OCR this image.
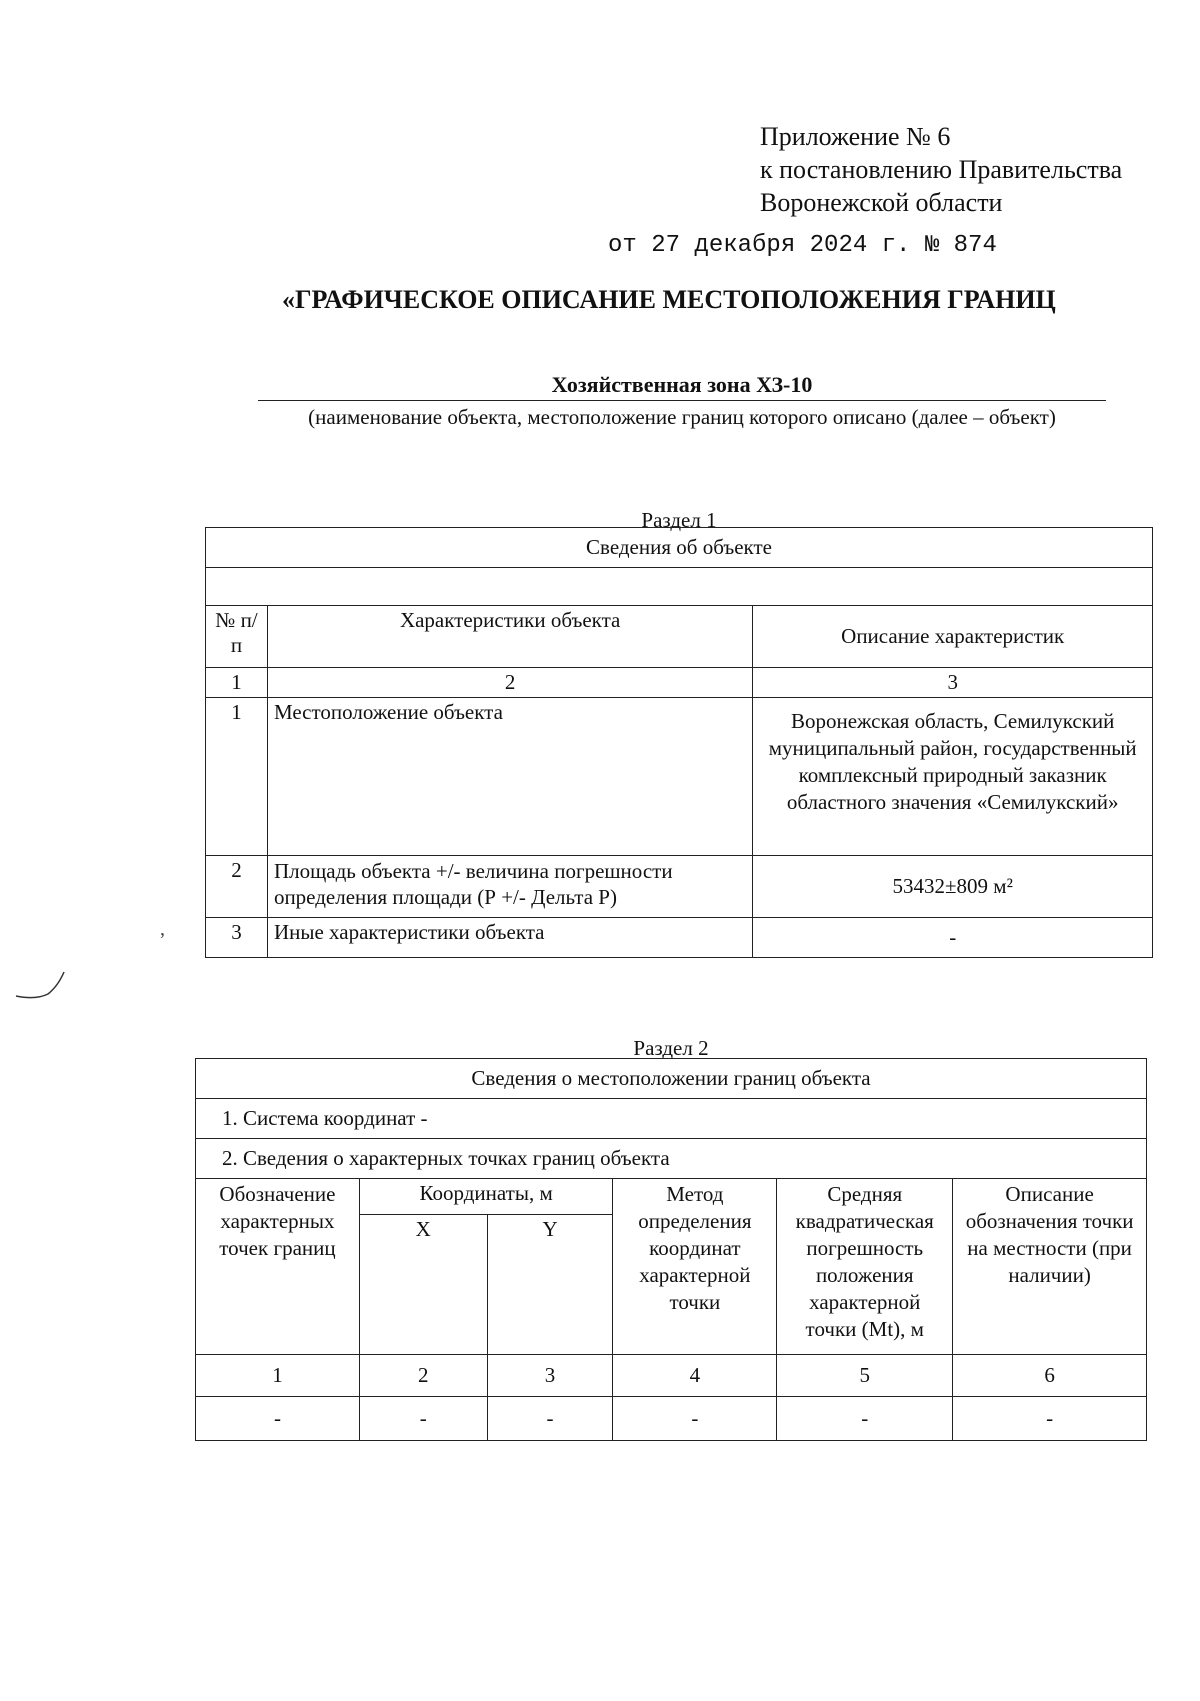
Приложение № 6
к постановлению Правительства
Воронежской области
от 27 декабря 2024 г. № 874
«ГРАФИЧЕСКОЕ ОПИСАНИЕ МЕСТОПОЛОЖЕНИЯ ГРАНИЦ
Хозяйственная зона ХЗ-10
(наименование объекта, местоположение границ которого описано (далее – объект)
Раздел 1
Сведения об объекте		

№ п/п	Характеристики объекта	Описание характеристик
1	2	3
1	Местоположение объекта	Воронежская область, Семилукский муниципальный район, государственный комплексный природный заказник областного значения «Семилукский»
2	Площадь объекта +/- величина погрешности определения площади (Р +/- Дельта Р)	53432±809 м²
3	Иные характеристики объекта	-
Раздел 2
Сведения о местоположении границ объекта					
1. Система координат -					
2. Сведения о характерных точках границ объекта					
Обозначение характерных точек границ	Координаты, м		Метод определения координат характерной точки	Средняя квадратическая погрешность положения характерной точки (Mt), м	Описание обозначения точки на местности (при наличии)
	X	Y			
1	2	3	4	5	6
-	-	-	-	-	-
,
